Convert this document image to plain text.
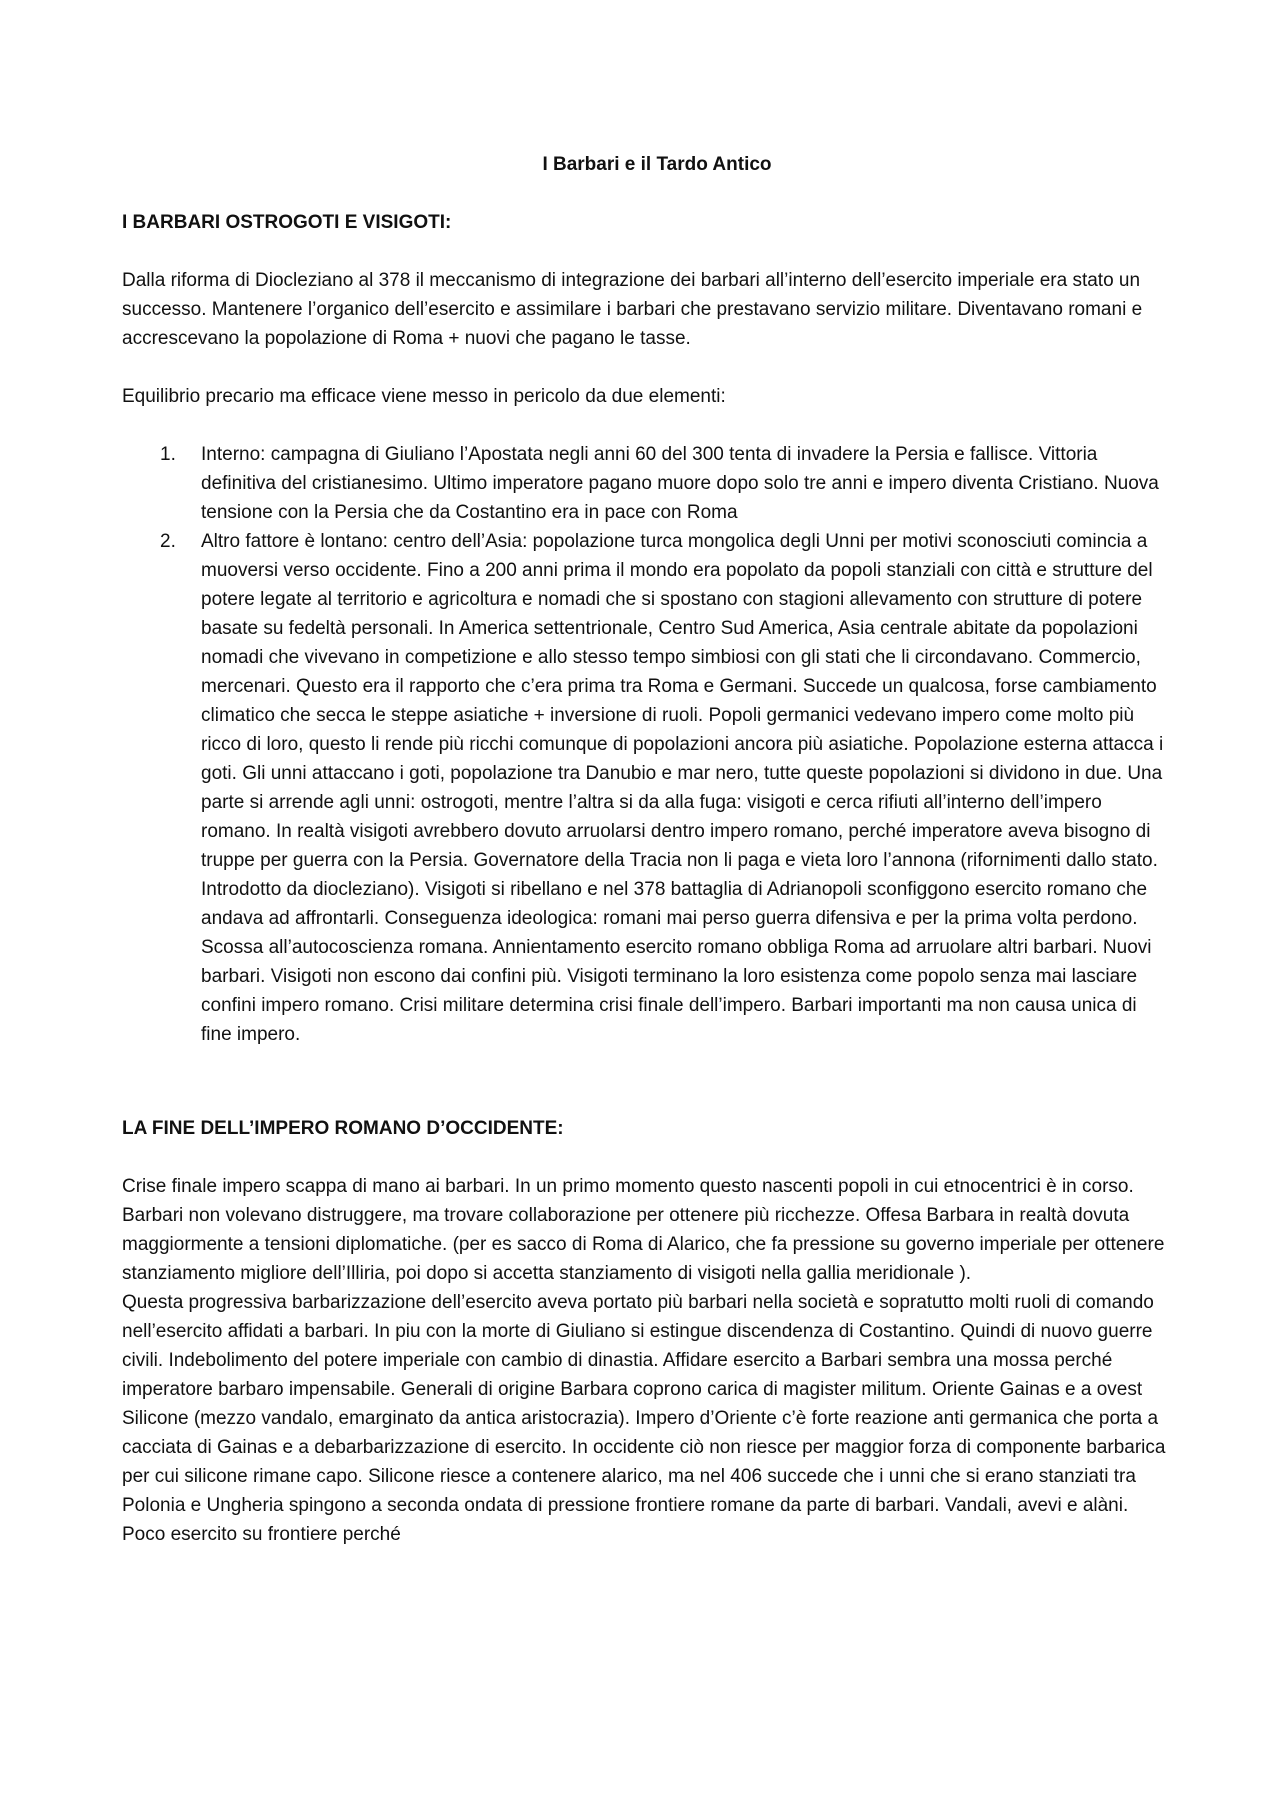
I Barbari e il Tardo Antico
I BARBARI OSTROGOTI E VISIGOTI:

Dalla riforma di Diocleziano al 378 il meccanismo di integrazione dei barbari all’interno dell’esercito imperiale era stato un successo. Mantenere l’organico dell’esercito e assimilare i barbari che prestavano servizio militare. Diventavano romani e accrescevano la popolazione di Roma + nuovi che pagano le tasse.

Equilibrio precario ma efficace viene messo in pericolo da due elementi:

1. Interno: campagna di Giuliano l’Apostata negli anni 60 del 300 tenta di invadere la Persia e fallisce. Vittoria definitiva del cristianesimo. Ultimo imperatore pagano muore dopo solo tre anni e impero diventa Cristiano. Nuova tensione con la Persia che da Costantino era in pace con Roma
2. Altro fattore è lontano: centro dell’Asia: popolazione turca mongolica degli Unni per motivi sconosciuti comincia a muoversi verso occidente. Fino a 200 anni prima il mondo era popolato da popoli stanziali con città e strutture del potere legate al territorio e agricoltura e nomadi che si spostano con stagioni allevamento con strutture di potere basate su fedeltà personali. In America settentrionale, Centro Sud America, Asia centrale abitate da popolazioni nomadi che vivevano in competizione e allo stesso tempo simbiosi con gli stati che li circondavano. Commercio, mercenari. Questo era il rapporto che c’era prima tra Roma e Germani. Succede un qualcosa, forse cambiamento climatico che secca le steppe asiatiche + inversione di ruoli. Popoli germanici vedevano impero come molto più ricco di loro, questo li rende più ricchi comunque di popolazioni ancora più asiatiche. Popolazione esterna attacca i goti. Gli unni attaccano i goti, popolazione tra Danubio e mar nero, tutte queste popolazioni si dividono in due. Una parte si arrende agli unni: ostrogoti, mentre l’altra si da alla fuga: visigoti e cerca rifiuti all’interno dell’impero romano. In realtà visigoti avrebbero dovuto arruolarsi dentro impero romano, perché imperatore aveva bisogno di truppe per guerra con la Persia. Governatore della Tracia non li paga e vieta loro l’annona (rifornimenti dallo stato. Introdotto da diocleziano). Visigoti si ribellano e nel 378 battaglia di Adrianopoli sconfiggono esercito romano che andava ad affrontarli. Conseguenza ideologica: romani mai perso guerra difensiva e per la prima volta perdono. Scossa all’autocoscienza romana. Annientamento esercito romano obbliga Roma ad arruolare altri barbari. Nuovi barbari. Visigoti non escono dai confini più. Visigoti terminano la loro esistenza come popolo senza mai lasciare confini impero romano. Crisi militare determina crisi finale dell’impero. Barbari importanti ma non causa unica di fine impero.
LA FINE DELL’IMPERO ROMANO D’OCCIDENTE:

Crise finale impero scappa di mano ai barbari. In un primo momento questo nascenti popoli in cui etnocentrici è in corso. Barbari non volevano distruggere, ma trovare collaborazione per ottenere più ricchezze. Offesa Barbara in realtà dovuta maggiormente a tensioni diplomatiche. (per es sacco di Roma di Alarico, che fa pressione su governo imperiale per ottenere stanziamento migliore dell’Illiria, poi dopo si accetta stanziamento di visigoti nella gallia meridionale ).

Questa progressiva barbarizzazione dell’esercito aveva portato più barbari nella società e sopratutto molti ruoli di comando nell’esercito affidati a barbari. In piu con la morte di Giuliano si estingue discendenza di Costantino. Quindi di nuovo guerre civili. Indebolimento del potere imperiale con cambio di dinastia. Affidare esercito a Barbari sembra una mossa perché imperatore barbaro impensabile. Generali di origine Barbara coprono carica di magister militum. Oriente Gainas e a ovest Silicone (mezzo vandalo, emarginato da antica aristocrazia). Impero d’Oriente c’è forte reazione anti germanica che porta a cacciata di Gainas e a debarbarizzazione di esercito. In occidente ciò non riesce per maggior forza di componente barbarica per cui silicone rimane capo. Silicone riesce a contenere alarico, ma nel 406 succede che i unni che si erano stanziati tra Polonia e Ungheria spingono a seconda ondata di pressione frontiere romane da parte di barbari. Vandali, avevi e alàni. Poco esercito su frontiere perché
